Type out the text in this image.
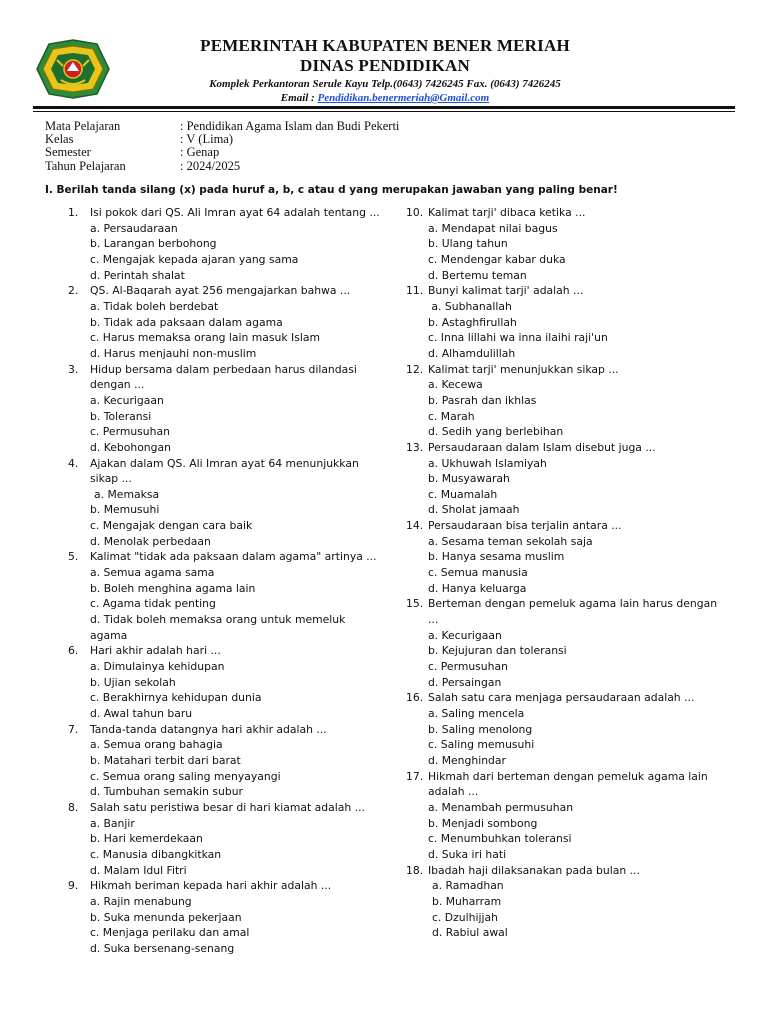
PEMERINTAH KABUPATEN BENER MERIAH
DINAS PENDIDIKAN
Komplek Perkantoran Serule Kayu Telp.(0643) 7426245 Fax. (0643) 7426245
Email : Pendidikan.benermeriah@Gmail.com
Mata Pelajaran	: Pendidikan Agama Islam dan Budi Pekerti
Kelas	: V (Lima)
Semester	: Genap
Tahun Pelajaran	: 2024/2025
I. Berilah tanda silang (x) pada huruf a, b, c atau d yang merupakan jawaban yang paling benar!
1.	Isi pokok dari QS. Ali Imran ayat 64 adalah tentang ...
a. Persaudaraan
b. Larangan berbohong
c. Mengajak kepada ajaran yang sama
d. Perintah shalat
2.	QS. Al-Baqarah ayat 256 mengajarkan bahwa ...
a. Tidak boleh berdebat
b. Tidak ada paksaan dalam agama
c. Harus memaksa orang lain masuk Islam
d. Harus menjauhi non-muslim
3.	Hidup bersama dalam perbedaan harus dilandasi dengan ...
a. Kecurigaan
b. Toleransi
c. Permusuhan
d. Kebohongan
4.	Ajakan dalam QS. Ali Imran ayat 64 menunjukkan sikap ...
a. Memaksa
b. Memusuhi
c. Mengajak dengan cara baik
d. Menolak perbedaan
5.	Kalimat "tidak ada paksaan dalam agama" artinya ...
a. Semua agama sama
b. Boleh menghina agama lain
c. Agama tidak penting
d. Tidak boleh memaksa orang untuk memeluk agama
6.	Hari akhir adalah hari ...
a. Dimulainya kehidupan
b. Ujian sekolah
c. Berakhirnya kehidupan dunia
d. Awal tahun baru
7.	Tanda-tanda datangnya hari akhir adalah ...
a. Semua orang bahagia
b. Matahari terbit dari barat
c. Semua orang saling menyayangi
d. Tumbuhan semakin subur
8.	Salah satu peristiwa besar di hari kiamat adalah ...
a. Banjir
b. Hari kemerdekaan
c. Manusia dibangkitkan
d. Malam Idul Fitri
9.	Hikmah beriman kepada hari akhir adalah ...
a. Rajin menabung
b. Suka menunda pekerjaan
c. Menjaga perilaku dan amal
d. Suka bersenang-senang
10. Kalimat tarji' dibaca ketika ...
a. Mendapat nilai bagus
b. Ulang tahun
c. Mendengar kabar duka
d. Bertemu teman
11. Bunyi kalimat tarji' adalah ...
a. Subhanallah
b. Astaghfirullah
c. Inna lillahi wa inna ilaihi raji'un
d. Alhamdulillah
12. Kalimat tarji' menunjukkan sikap ...
a. Kecewa
b. Pasrah dan ikhlas
c. Marah
d. Sedih yang berlebihan
13. Persaudaraan dalam Islam disebut juga ...
a. Ukhuwah Islamiyah
b. Musyawarah
c. Muamalah
d. Sholat jamaah
14. Persaudaraan bisa terjalin antara ...
a. Sesama teman sekolah saja
b. Hanya sesama muslim
c. Semua manusia
d. Hanya keluarga
15. Berteman dengan pemeluk agama lain harus dengan ...
a. Kecurigaan
b. Kejujuran dan toleransi
c. Permusuhan
d. Persaingan
16. Salah satu cara menjaga persaudaraan adalah ...
a. Saling mencela
b. Saling menolong
c. Saling memusuhi
d. Menghindar
17. Hikmah dari berteman dengan pemeluk agama lain adalah ...
a. Menambah permusuhan
b. Menjadi sombong
c. Menumbuhkan toleransi
d. Suka iri hati
18. Ibadah haji dilaksanakan pada bulan ...
a. Ramadhan
b. Muharram
c. Dzulhijjah
d. Rabiul awal
